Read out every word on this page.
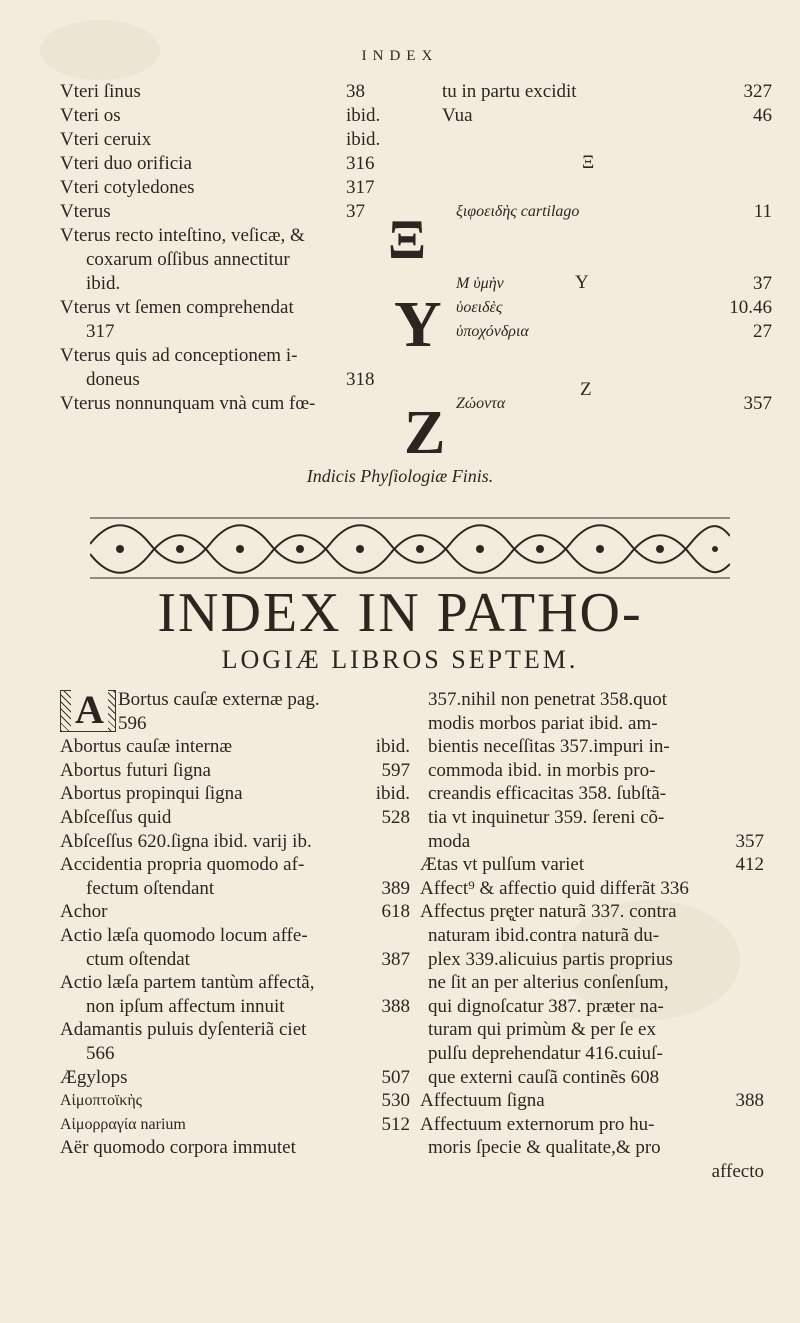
INDEX
Vteri ſinus	38
Vteri os	ibid.
Vteri ceruix	ibid.
Vteri duo orificia	316
Vteri cotyledones	317
Vterus	37
Vterus recto inteſtino, veſicæ, &
coxarum oſſibus annectitur
ibid.
Vterus vt ſemen comprehendat
317
Vterus quis ad conceptionem i-
doneus	318
Vterus nonnunquam vnà cum fœ-
tu in partu excidit	327
Vua	46
ξιφοειδὴς cartilago	11
Μ ὑμὴν	37
ὑοειδὲς	10.46
ὑποχόνδρια	27
Ζώοντα	357
Ξ
Ξ
Y
Y
Z
Z
Indicis Phyſiologiæ Finis.
INDEX IN PATHO-
LOGIÆ LIBROS SEPTEM.
A Bortus cauſæ externæ pag.
596
Abortus cauſæ internæ	ibid.
Abortus futuri ſigna	597
Abortus propinqui ſigna	ibid.
Abſceſſus quid	528
Abſceſſus 620.ſigna ibid. varij ib.
Accidentia propria quomodo af-
fectum oſtendant	389
Achor	618
Actio læſa quomodo locum affe-
ctum oſtendat	387
Actio læſa partem tantùm affectã,
non ipſum affectum innuit	388
Adamantis puluis dyſenteriã ciet
566
Ægylops	507
Αἱμοπτοϊκὴς	530
Αἱμορραγία narium	512
Aër quomodo corpora immutet
357.nihil non penetrat 358.quot
modis morbos pariat ibid. am-
bientis neceſſitas 357.impuri in-
commoda ibid. in morbis pro-
creandis efficacitas 358. ſubſtã-
tia vt inquinetur 359. ſereni cõ-
moda	357
Ætas vt pulſum variet	412
Affect⁹ & affectio quid differãt 336
Affectus prę̨ter naturã 337. contra
naturam ibid.contra naturã du-
plex 339.alicuius partis proprius
ne ſit an per alterius conſenſum,
qui dignoſcatur 387. præter na-
turam qui primùm & per ſe ex
pulſu deprehendatur 416.cuiuſ-
que externi cauſã continẽs 608
Affectuum ſigna	388
Affectuum externorum pro hu-
moris ſpecie & qualitate,& pro
affecto
